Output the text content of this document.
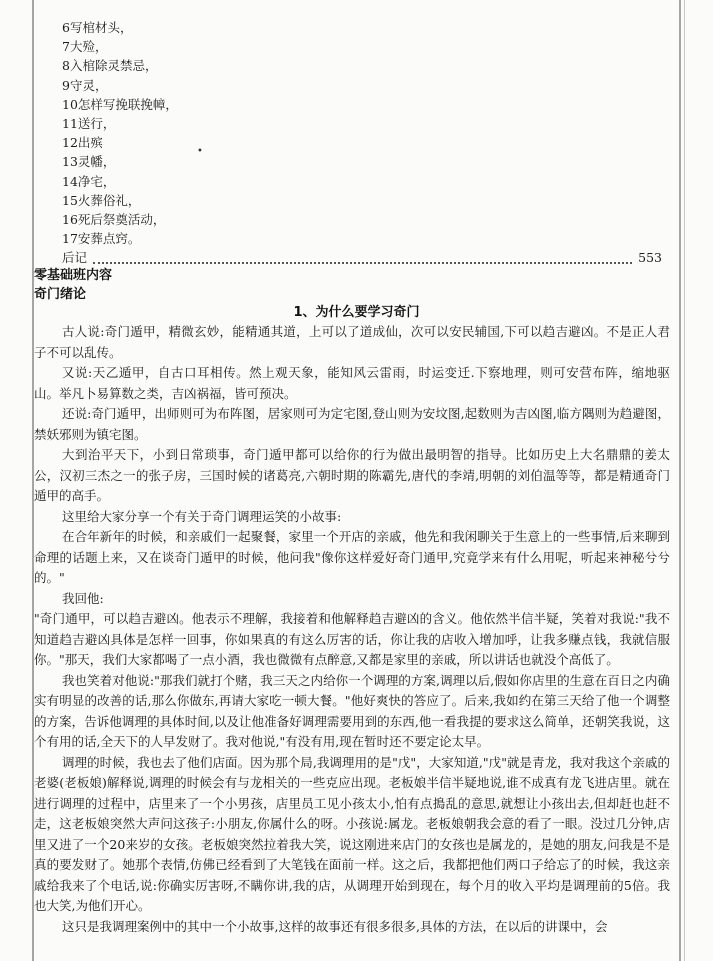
6写棺材头，
7大殓，
8入棺除灵禁忌，
9守灵，
10怎样写挽联挽幛，
11送行，
12出殡
13灵幡，
14净宅，
15火葬俗礼，
16死后祭奠活动，
17安葬点窍。
后记	553
•
零基础班内容
奇门绪论
1、为什么要学习奇门

古人说:奇门遁甲，精微玄妙，能精通其道，上可以了道成仙，次可以安民辅国,下可以趋吉避凶。不是正人君子不可以乱传。

又说:天乙遁甲，自古口耳相传。然上观天象，能知风云雷雨，时运变迁.下察地理，则可安营布阵，缩地驱山。举凡卜易算数之类，吉凶祸福，皆可预决。

还说:奇门遁甲，出师则可为布阵图，居家则可为定宅图,登山则为安坟图,起数则为吉凶图,临方隅则为趋避图，禁妖邪则为镇宅图。

大到治平天下，小到日常琐事，奇门遁甲都可以给你的行为做出最明智的指导。比如历史上大名鼎鼎的姜太公，汉初三杰之一的张子房，三国时候的诸葛亮,六朝时期的陈霸先,唐代的李靖,明朝的刘伯温等等，都是精通奇门遁甲的高手。

这里给大家分享一个有关于奇门调理运笑的小故事:

在合年新年的时候，和亲戚们一起聚餐，家里一个开店的亲戚，他先和我闲聊关于生意上的一些事情,后来聊到命理的话题上来，又在谈奇门遁甲的时候，他问我"像你这样爱好奇门通甲,究竟学来有什么用呢，听起来神秘兮兮的。"

我回他:

"奇门通甲，可以趋吉避凶。他表示不理解，我接着和他解释趋吉避凶的含义。他依然半信半疑，笑着对我说:"我不知道趋吉避凶具体是怎样一回事，你如果真的有这么厉害的话，你让我的店收入增加呼，让我多赚点钱，我就信服你。"那天，我们大家都喝了一点小酒，我也微微有点醉意,又都是家里的亲戚，所以讲话也就没个高低了。

我也笑着对他说:"那我们就打个赌，我三天之内给你一个调理的方案,调理以后,假如你店里的生意在百日之内确实有明显的改善的话,那么你做东,再请大家吃一顿大餐。"他好爽快的答应了。后来,我如约在第三天给了他一个调整的方案，告诉他调理的具体时间,以及让他准备好调理需要用到的东西,他一看我提的要求这么简单，还朝笑我说，这个有用的话,全天下的人早发财了。我对他说,"有没有用,现在暂时还不要定论太早。

调理的时候，我也去了他们店面。因为那个局,我调理用的是"戊"，大家知道,"戊"就是青龙，我对我这个亲戚的老婆(老板娘)解释说,调理的时候会有与龙相关的一些克应出现。老板娘半信半疑地说,谁不成真有龙飞进店里。就在进行调理的过程中，店里来了一个小男孩，店里员工见小孩太小,怕有点搗乱的意思,就想让小孩出去,但却赶也赶不走，这老板娘突然大声问这孩子:小朋友,你属什么的呀。小孩说:属龙。老板娘朝我会意的看了一眼。没过几分钟,店里又进了一个20来岁的女孩。老板娘突然拉着我大笑，说这刚进来店门的女孩也是属龙的，是她的朋友,问我是不是真的要发财了。她那个表情,仿佛已经看到了大笔钱在面前一样。这之后，我都把他们两口子给忘了的时候，我这亲戚给我来了个电话,说:你确实厉害呀,不瞒你讲,我的店，从调理开始到现在，每个月的收入平均是调理前的5倍。我也大笑,为他们开心。

这只是我调理案例中的其中一个小故事,这样的故事还有很多很多,具体的方法，在以后的讲课中，会
